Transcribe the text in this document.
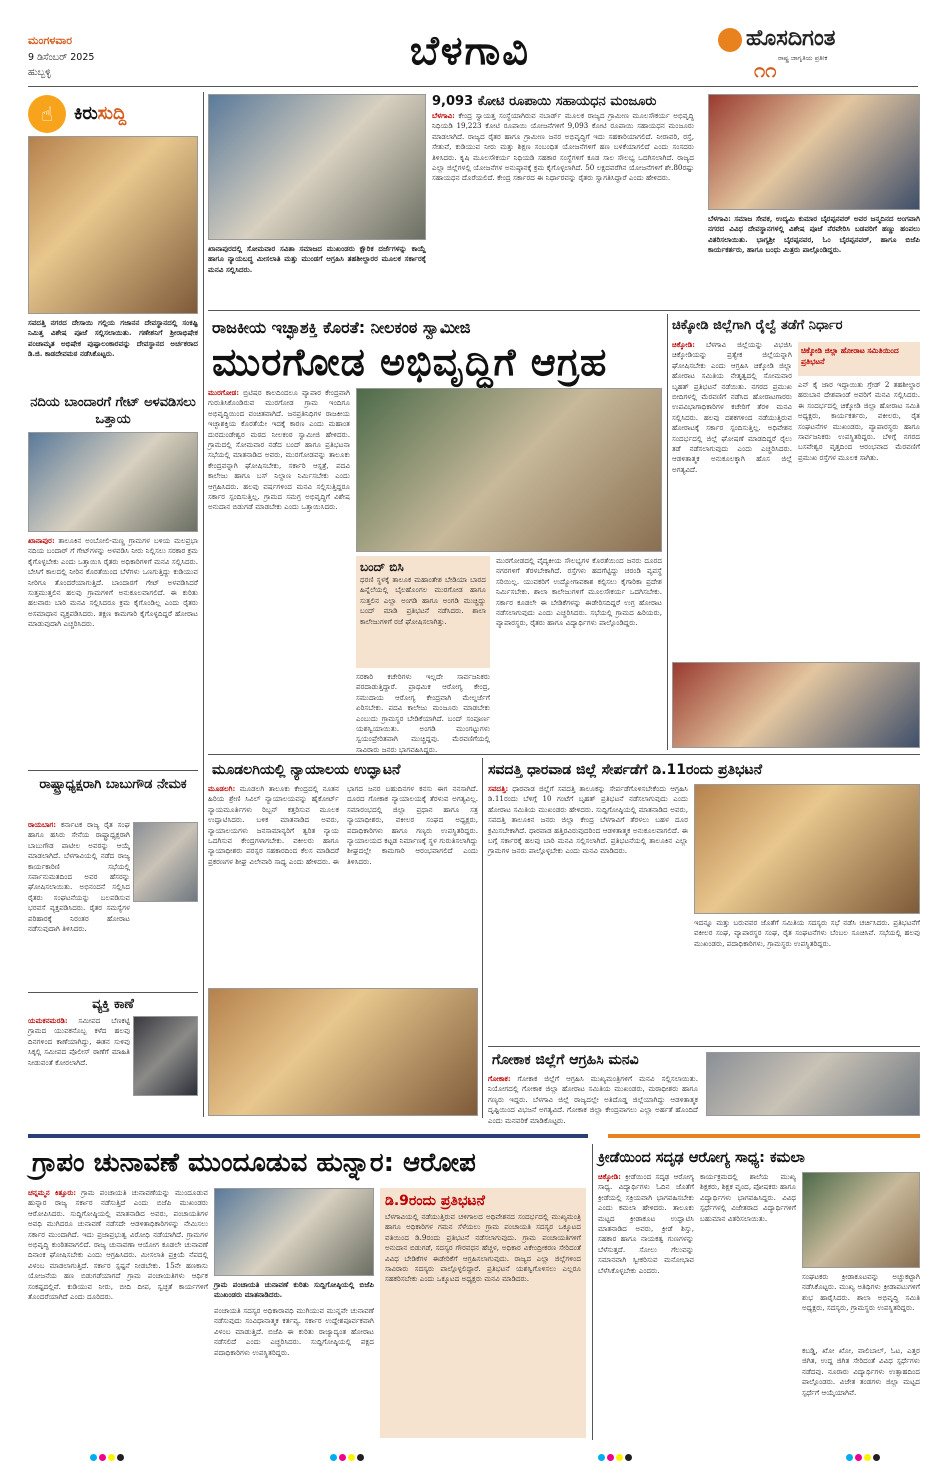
ಮಂಗಳವಾರ
9 ಡಿಸೆಂಬರ್ 2025
ಹುಬ್ಬಳ್ಳಿ	ಬೆಳಗಾವಿ	ಹೊಸದಿಗಂತ
ರಾಷ್ಟ್ರ ಜಾಗೃತಿಯ ಪ್ರತೀಕ
೧೧
☝	ಕಿರುಸುದ್ದಿ
ಸವದತ್ತಿ ನಗರದ ದೇಸಾಯಿ ಗಲ್ಲಿಯ ಗಜಾನನ ದೇವಸ್ಥಾನದಲ್ಲಿ ಸಂಕಷ್ಟಿ ನಿಮಿತ್ತ ವಿಶೇಷ ಪೂಜೆ ಸಲ್ಲಿಸಲಾಯಿತು. ಗಣೇಶನಿಗೆ ಶ್ರೀರಾಭಿಷೇಕ ಪಂಚಾಮೃತ ಅಭಿಷೇಕ ಪುಷ್ಪಾಲಂಕಾರವನ್ನು ದೇವಸ್ಥಾನದ ಅರ್ಚಕರಾದ ಡಿ.ಜಿ. ಕಾಡದೇವಮಠ ನಡೆಸಿಕೊಟ್ಟರು.
ನದಿಯ ಬಾಂದಾರಗೆ ಗೇಟ್ ಅಳವಡಿಸಲು ಒತ್ತಾಯ
ಖಾನಾಪುರ: ತಾಲೂಕಿನ ಅಂಬೋಲಿ-ಮಣ್ಣ ಗ್ರಾಮಗಳ ಬಳಿಯ ಮಲಪ್ರಭಾ ನದಿಯ ಬಂದಾರ್ ಗೆ ಗೇಟ್‌ಗಳನ್ನು ಅಳವಡಿಸಿ ನೀರು ನಿಲ್ಲಿಸಲು ಸರಕಾರ ಕ್ರಮ ಕೈಗೊಳ್ಳಬೇಕು ಎಂದು ಒತ್ತಾಯಿಸಿ ರೈತರು ಅಧಿಕಾರಿಗಳಿಗೆ ಮನವಿ ಸಲ್ಲಿಸಿದರು. ಬೇಸಿಗೆ ಕಾಲದಲ್ಲಿ ನೀರಿನ ಕೊರತೆಯಿಂದ ಬೆಳೆಗಳು ಒಣಗುತ್ತಿದ್ದು ಕುಡಿಯುವ ನೀರಿಗೂ ತೊಂದರೆಯಾಗುತ್ತಿದೆ. ಬಾಂದಾರಗೆ ಗೇಟ್ ಅಳವಡಿಸಿದರೆ ಸುತ್ತಮುತ್ತಲಿನ ಹಲವು ಗ್ರಾಮಗಳಿಗೆ ಅನುಕೂಲವಾಗಲಿದೆ. ಈ ಕುರಿತು ಹಲವಾರು ಬಾರಿ ಮನವಿ ಸಲ್ಲಿಸಿದರೂ ಕ್ರಮ ಕೈಗೊಂಡಿಲ್ಲ ಎಂದು ರೈತರು ಅಸಮಾಧಾನ ವ್ಯಕ್ತಪಡಿಸಿದರು. ತಕ್ಷಣ ಕಾಮಗಾರಿ ಕೈಗೊಳ್ಳದಿದ್ದರೆ ಹೋರಾಟ ಮಾಡುವುದಾಗಿ ಎಚ್ಚರಿಸಿದರು.
ರಾಷ್ಟ್ರಾಧ್ಯಕ್ಷರಾಗಿ ಬಾಬುಗೌಡ ನೇಮಕ
ರಾಯಬಾಗ: ಕರ್ನಾಟಕ ರಾಜ್ಯ ರೈತ ಸಂಘ ಹಾಗೂ ಹಸಿರು ಸೇನೆಯ ರಾಷ್ಟ್ರಾಧ್ಯಕ್ಷರಾಗಿ ಬಾಬುಗೌಡ ಪಾಟೀಲ ಅವರನ್ನು ಆಯ್ಕೆ ಮಾಡಲಾಗಿದೆ. ಬೆಳಗಾವಿಯಲ್ಲಿ ನಡೆದ ರಾಜ್ಯ ಕಾರ್ಯಕಾರಿಣಿ ಸಭೆಯಲ್ಲಿ ಸರ್ವಾನುಮತದಿಂದ ಅವರ ಹೆಸರನ್ನು ಘೋಷಿಸಲಾಯಿತು. ಅಭಿನಂದನೆ ಸಲ್ಲಿಸಿದ ರೈತರು ಸಂಘಟನೆಯನ್ನು ಬಲಪಡಿಸುವ ಭರವಸೆ ವ್ಯಕ್ತಪಡಿಸಿದರು. ರೈತರ ಸಮಸ್ಯೆಗಳ ಪರಿಹಾರಕ್ಕೆ ನಿರಂತರ ಹೋರಾಟ ನಡೆಸುವುದಾಗಿ ತಿಳಿಸಿದರು.
ವ್ಯಕ್ತಿ ಕಾಣೆ
ಯಮಕನಮರಡಿ: ಸಮೀಪದ ಬೆಣಕಟ್ಟಿ ಗ್ರಾಮದ ಯುವಕನೊಬ್ಬ ಕಳೆದ ಹಲವು ದಿನಗಳಿಂದ ಕಾಣೆಯಾಗಿದ್ದು, ಈತನ ಸುಳಿವು ಸಿಕ್ಕಲ್ಲಿ ಸಮೀಪದ ಪೊಲೀಸ್ ಠಾಣೆಗೆ ಮಾಹಿತಿ ನೀಡುವಂತೆ ಕೋರಲಾಗಿದೆ.
ಖಾನಾಪುರದಲ್ಲಿ ಸೋಮವಾರ ಸವಿತಾ ಸಮಾಜದ ಮುಖಂಡರು ಕ್ಷೌರಿಕ ದರ್ಜೆಗಳನ್ನು ಕಾಯ್ದೆ ಹಾಗೂ ನ್ಯಾಯಬದ್ಧ ಮೀಸಲಾತಿ ಮತ್ತು ಮುಂಡಗೆ ಆಗ್ರಹಿಸಿ ತಹಶೀಲ್ದಾರರ ಮೂಲಕ ಸರ್ಕಾರಕ್ಕೆ ಮನವಿ ಸಲ್ಲಿಸಿದರು.
9,093 ಕೋಟಿ ರೂಪಾಯಿ ಸಹಾಯಧನ ಮಂಜೂರು
ಬೆಳಗಾವಿ: ಕೇಂದ್ರ ಸ್ವಾಯತ್ತ ಸಂಸ್ಥೆಯಾಗಿರುವ ನಬಾರ್ಡ್ ಮೂಲಕ ರಾಜ್ಯದ ಗ್ರಾಮೀಣ ಮೂಲಸೌಕರ್ಯ ಅಭಿವೃದ್ಧಿ ನಿಧಿಯಡಿ 19,223 ಕೋಟಿ ರೂಪಾಯಿ ಯೋಜನೆಗಳಿಗೆ 9,093 ಕೋಟಿ ರೂಪಾಯಿ ಸಹಾಯಧನ ಮಂಜೂರು ಮಾಡಲಾಗಿದೆ. ರಾಜ್ಯದ ರೈತರ ಹಾಗೂ ಗ್ರಾಮೀಣ ಜನರ ಅಭಿವೃದ್ಧಿಗೆ ಇದು ಸಹಕಾರಿಯಾಗಲಿದೆ. ನೀರಾವರಿ, ರಸ್ತೆ, ಸೇತುವೆ, ಕುಡಿಯುವ ನೀರು ಮತ್ತು ಶಿಕ್ಷಣ ಸಂಬಂಧಿತ ಯೋಜನೆಗಳಿಗೆ ಹಣ ಬಳಕೆಯಾಗಲಿದೆ ಎಂದು ಸಂಸದರು ತಿಳಿಸಿದರು. ಕೃಷಿ ಮೂಲಸೌಕರ್ಯ ನಿಧಿಯಡಿ ಸಹಕಾರ ಸಂಸ್ಥೆಗಳಿಗೆ ಕೂಡ ಸಾಲ ಸೌಲಭ್ಯ ಒದಗಿಸಲಾಗಿದೆ. ರಾಜ್ಯದ ಎಲ್ಲಾ ಜಿಲ್ಲೆಗಳಲ್ಲಿ ಯೋಜನೆಗಳ ಅನುಷ್ಠಾನಕ್ಕೆ ಕ್ರಮ ಕೈಗೊಳ್ಳಲಾಗಿದೆ. 50 ಲಕ್ಷದವರೆಗಿನ ಯೋಜನೆಗಳಿಗೆ ಶೇ.80ರಷ್ಟು ಸಹಾಯಧನ ದೊರೆಯಲಿದೆ. ಕೇಂದ್ರ ಸರ್ಕಾರದ ಈ ನಿರ್ಧಾರವನ್ನು ರೈತರು ಸ್ವಾಗತಿಸಿದ್ದಾರೆ ಎಂದು ಹೇಳಿದರು.
ಬೆಳಗಾವಿ: ಸಮಾಜ ಸೇವಕ, ಉದ್ಯಮಿ ಕುಮಾರ ಬೈರಪ್ಪನವರ್ ಅವರ ಜನ್ಮದಿನದ ಅಂಗವಾಗಿ ನಗರದ ವಿವಿಧ ದೇವಸ್ಥಾನಗಳಲ್ಲಿ ವಿಶೇಷ ಪೂಜೆ ನೆರವೇರಿಸಿ ಬಡವರಿಗೆ ಹಣ್ಣು ಹಂಪಲು ವಿತರಿಸಲಾಯಿತು. ಭಾಗ್ಯಶ್ರೀ ಬೈರಪ್ಪನವರ, ಓಂ ಬೈರಪ್ಪನವರ್, ಹಾಗೂ ಬಿಜೆಪಿ ಕಾರ್ಯಕರ್ತರು, ಹಾಗೂ ಬಂಧು ಮಿತ್ರರು ಪಾಲ್ಗೊಂಡಿದ್ದರು.
ರಾಜಕೀಯ ಇಚ್ಛಾಶಕ್ತಿ ಕೊರತೆ: ನೀಲಕಂಠ ಸ್ವಾಮೀಜಿ
ಮುರಗೋಡ ಅಭಿವೃದ್ಧಿಗೆ ಆಗ್ರಹ
ಮುರಗೋಡ: ಬ್ರಿಟಿಷರ ಕಾಲದಿಂದಲೂ ವ್ಯಾಪಾರ ಕೇಂದ್ರವಾಗಿ ಗುರುತಿಸಿಕೊಂಡಿರುವ ಮುರಗೋಡ ಗ್ರಾಮ ಇಂದಿಗೂ ಅಭಿವೃದ್ಧಿಯಿಂದ ವಂಚಿತವಾಗಿದೆ. ಜನಪ್ರತಿನಿಧಿಗಳ ರಾಜಕೀಯ ಇಚ್ಛಾಶಕ್ತಿಯ ಕೊರತೆಯೇ ಇದಕ್ಕೆ ಕಾರಣ ಎಂದು ಮಹಾಂತ ದುರದುಂಡೇಶ್ವರ ಮಠದ ನೀಲಕಂಠ ಸ್ವಾಮೀಜಿ ಹೇಳಿದರು. ಗ್ರಾಮದಲ್ಲಿ ಸೋಮವಾರ ನಡೆದ ಬಂದ್ ಹಾಗೂ ಪ್ರತಿಭಟನಾ ಸಭೆಯಲ್ಲಿ ಮಾತನಾಡಿದ ಅವರು, ಮುರಗೋಡವನ್ನು ತಾಲೂಕು ಕೇಂದ್ರವನ್ನಾಗಿ ಘೋಷಿಸಬೇಕು, ಸರ್ಕಾರಿ ಆಸ್ಪತ್ರೆ, ಪದವಿ ಕಾಲೇಜು ಹಾಗೂ ಬಸ್ ನಿಲ್ದಾಣ ನಿರ್ಮಿಸಬೇಕು ಎಂದು ಆಗ್ರಹಿಸಿದರು. ಹಲವು ವರ್ಷಗಳಿಂದ ಮನವಿ ಸಲ್ಲಿಸುತ್ತಿದ್ದರೂ ಸರ್ಕಾರ ಸ್ಪಂದಿಸುತ್ತಿಲ್ಲ. ಗ್ರಾಮದ ಸಮಗ್ರ ಅಭಿವೃದ್ಧಿಗೆ ವಿಶೇಷ ಅನುದಾನ ಬಿಡುಗಡೆ ಮಾಡಬೇಕು ಎಂದು ಒತ್ತಾಯಿಸಿದರು.
ಬಂದ್ ಬಿಸಿ
ಧರಣಿ ಸ್ಥಳಕ್ಕೆ ತಾಲೂಕ ಮಹಾಂತೇಶ ಬೇಡಿಯಾ ಬಾರದ ಹಿನ್ನೆಲೆಯಲ್ಲಿ ಬೈಲಹೊಂಗಲ ಮುರಗೋಡ ಹಾಗೂ ಸುತ್ತಲಿನ ಎಲ್ಲಾ ಅಂಗಡಿ ಹಾಗೂ ಅಂಗಡಿ ಮುಚ್ಚಿದ್ದು ಬಂದ್ ಮಾಡಿ ಪ್ರತಿಭಟನೆ ನಡೆಸಿದರು. ಶಾಲಾ ಕಾಲೇಜುಗಳಿಗೆ ರಜೆ ಘೋಷಿಸಲಾಗಿತ್ತು.
ಮುರಗೋಡದಲ್ಲಿ ವೈದ್ಯಕೀಯ ಸೌಲಭ್ಯಗಳ ಕೊರತೆಯಿಂದ ಜನರು ದೂರದ ನಗರಗಳಿಗೆ ತೆರಳಬೇಕಾಗಿದೆ. ರಸ್ತೆಗಳು ಹದಗೆಟ್ಟಿದ್ದು ಚರಂಡಿ ವ್ಯವಸ್ಥೆ ಸರಿಯಿಲ್ಲ. ಯುವಕರಿಗೆ ಉದ್ಯೋಗಾವಕಾಶ ಕಲ್ಪಿಸಲು ಕೈಗಾರಿಕಾ ಪ್ರದೇಶ ನಿರ್ಮಿಸಬೇಕು. ಶಾಲಾ ಕಾಲೇಜುಗಳಿಗೆ ಮೂಲಸೌಕರ್ಯ ಒದಗಿಸಬೇಕು. ಸರ್ಕಾರ ಕೂಡಲೇ ಈ ಬೇಡಿಕೆಗಳನ್ನು ಈಡೇರಿಸದಿದ್ದರೆ ಉಗ್ರ ಹೋರಾಟ ನಡೆಸಲಾಗುವುದು ಎಂದು ಎಚ್ಚರಿಸಿದರು. ಸಭೆಯಲ್ಲಿ ಗ್ರಾಮದ ಹಿರಿಯರು, ವ್ಯಾಪಾರಸ್ಥರು, ರೈತರು ಹಾಗೂ ವಿದ್ಯಾರ್ಥಿಗಳು ಪಾಲ್ಗೊಂಡಿದ್ದರು.
ಸರಕಾರಿ ಕಚೇರಿಗಳು ಇಲ್ಲದೇ ಸಾರ್ವಜನಿಕರು ಪರದಾಡುತ್ತಿದ್ದಾರೆ. ಪ್ರಾಥಮಿಕ ಆರೋಗ್ಯ ಕೇಂದ್ರ, ಸಮುದಾಯ ಆರೋಗ್ಯ ಕೇಂದ್ರವಾಗಿ ಮೇಲ್ದರ್ಜೆಗೆ ಏರಿಸಬೇಕು. ಪದವಿ ಕಾಲೇಜು ಮಂಜೂರು ಮಾಡಬೇಕು ಎಂಬುದು ಗ್ರಾಮಸ್ಥರ ಬೇಡಿಕೆಯಾಗಿದೆ. ಬಂದ್ ಸಂಪೂರ್ಣ ಯಶಸ್ವಿಯಾಯಿತು. ಅಂಗಡಿ ಮುಂಗಟ್ಟುಗಳು ಸ್ವಯಂಪ್ರೇರಿತವಾಗಿ ಮುಚ್ಚಿದ್ದವು. ಮೆರವಣಿಗೆಯಲ್ಲಿ ಸಾವಿರಾರು ಜನರು ಭಾಗವಹಿಸಿದ್ದರು.
ಚಿಕ್ಕೋಡಿ ಜಿಲ್ಲೆಗಾಗಿ ರೈಲ್ವೆ ತಡೆಗೆ ನಿರ್ಧಾರ
ಚಿಕ್ಕೋಡಿ: ಬೆಳಗಾವಿ ಜಿಲ್ಲೆಯನ್ನು ವಿಭಜಿಸಿ ಚಿಕ್ಕೋಡಿಯನ್ನು ಪ್ರತ್ಯೇಕ ಜಿಲ್ಲೆಯನ್ನಾಗಿ ಘೋಷಿಸಬೇಕು ಎಂದು ಆಗ್ರಹಿಸಿ ಚಿಕ್ಕೋಡಿ ಜಿಲ್ಲಾ ಹೋರಾಟ ಸಮಿತಿಯ ನೇತೃತ್ವದಲ್ಲಿ ಸೋಮವಾರ ಬೃಹತ್ ಪ್ರತಿಭಟನೆ ನಡೆಯಿತು. ನಗರದ ಪ್ರಮುಖ ಬೀದಿಗಳಲ್ಲಿ ಮೆರವಣಿಗೆ ನಡೆಸಿದ ಹೋರಾಟಗಾರರು ಉಪವಿಭಾಗಾಧಿಕಾರಿಗಳ ಕಚೇರಿಗೆ ತೆರಳಿ ಮನವಿ ಸಲ್ಲಿಸಿದರು. ಹಲವು ದಶಕಗಳಿಂದ ನಡೆಯುತ್ತಿರುವ ಹೋರಾಟಕ್ಕೆ ಸರ್ಕಾರ ಸ್ಪಂದಿಸುತ್ತಿಲ್ಲ. ಅಧಿವೇಶನ ಸಂದರ್ಭದಲ್ಲಿ ಜಿಲ್ಲೆ ಘೋಷಣೆ ಮಾಡದಿದ್ದರೆ ರೈಲು ತಡೆ ನಡೆಸಲಾಗುವುದು ಎಂದು ಎಚ್ಚರಿಸಿದರು. ಆಡಳಿತಾತ್ಮಕ ಅನುಕೂಲಕ್ಕಾಗಿ ಹೊಸ ಜಿಲ್ಲೆ ಅಗತ್ಯವಿದೆ.
ಚಿಕ್ಕೋಡಿ ಜಿಲ್ಲಾ ಹೋರಾಟ ಸಮಿತಿಯಿಂದ ಪ್ರತಿಭಟನೆ
ಎನ್ ಕೈ ಜಾರ ಇದ್ದಾಯಿತು ಗ್ರೇಡ್ 2 ತಹಶೀಲ್ದಾರ ಹರುಬಾನ ದೇಶಪಾಂಡೆ ಅವರಿಗೆ ಮನವಿ ಸಲ್ಲಿಸಿದರು. ಈ ಸಂದರ್ಭದಲ್ಲಿ ಚಿಕ್ಕೋಡಿ ಜಿಲ್ಲಾ ಹೋರಾಟ ಸಮಿತಿ ಅಧ್ಯಕ್ಷರು, ಕಾರ್ಯಕರ್ತರು, ವಕೀಲರು, ರೈತ ಸಂಘಟನೆಗಳ ಮುಖಂಡರು, ವ್ಯಾಪಾರಸ್ಥರು ಹಾಗೂ ಸಾರ್ವಜನಿಕರು ಉಪಸ್ಥಿತರಿದ್ದರು. ಬೆಳಿಗ್ಗೆ ನಗರದ ಬಸವೇಶ್ವರ ವೃತ್ತದಿಂದ ಆರಂಭವಾದ ಮೆರವಣಿಗೆ ಪ್ರಮುಖ ರಸ್ತೆಗಳ ಮೂಲಕ ಸಾಗಿತು.
ಮೂಡಲಗಿಯಲ್ಲಿ ನ್ಯಾಯಾಲಯ ಉದ್ಘಾಟನೆ
ಮೂಡಲಗಿ: ಮೂಡಲಗಿ ತಾಲೂಕು ಕೇಂದ್ರದಲ್ಲಿ ನೂತನ ಹಿರಿಯ ಶ್ರೇಣಿ ಸಿವಿಲ್ ನ್ಯಾಯಾಲಯವನ್ನು ಹೈಕೋರ್ಟ್ ನ್ಯಾಯಮೂರ್ತಿಗಳು ರಿಬ್ಬನ್ ಕತ್ತರಿಸುವ ಮೂಲಕ ಉದ್ಘಾಟಿಸಿದರು. ಬಳಿಕ ಮಾತನಾಡಿದ ಅವರು, ನ್ಯಾಯಾಲಯಗಳು ಜನಸಾಮಾನ್ಯರಿಗೆ ತ್ವರಿತ ನ್ಯಾಯ ಒದಗಿಸುವ ಕೇಂದ್ರಗಳಾಗಬೇಕು. ವಕೀಲರು ಹಾಗೂ ನ್ಯಾಯಾಧೀಶರು ಪರಸ್ಪರ ಸಹಕಾರದಿಂದ ಕೆಲಸ ಮಾಡಿದರೆ ಪ್ರಕರಣಗಳ ಶೀಘ್ರ ವಿಲೇವಾರಿ ಸಾಧ್ಯ ಎಂದು ಹೇಳಿದರು. ಈ ಭಾಗದ ಜನರ ಬಹುದಿನಗಳ ಕನಸು ಈಗ ನನಸಾಗಿದೆ. ದೂರದ ಗೋಕಾಕ ನ್ಯಾಯಾಲಯಕ್ಕೆ ತೆರಳುವ ಅಗತ್ಯವಿಲ್ಲ. ಸಮಾರಂಭದಲ್ಲಿ ಜಿಲ್ಲಾ ಪ್ರಧಾನ ಹಾಗೂ ಸತ್ರ ನ್ಯಾಯಾಧೀಶರು, ವಕೀಲರ ಸಂಘದ ಅಧ್ಯಕ್ಷರು, ಪದಾಧಿಕಾರಿಗಳು ಹಾಗೂ ಗಣ್ಯರು ಉಪಸ್ಥಿತರಿದ್ದರು. ನ್ಯಾಯಾಲಯದ ಕಟ್ಟಡ ನಿರ್ಮಾಣಕ್ಕೆ ಸ್ಥಳ ಗುರುತಿಸಲಾಗಿದ್ದು ಶೀಘ್ರದಲ್ಲೇ ಕಾಮಗಾರಿ ಆರಂಭವಾಗಲಿದೆ ಎಂದು ತಿಳಿಸಿದರು.
ಸವದತ್ತಿ ಧಾರವಾಡ ಜಿಲ್ಲೆ ಸೇರ್ಪಡೆಗೆ ಡಿ.11ರಂದು ಪ್ರತಿಭಟನೆ
ಸವದತ್ತಿ: ಧಾರವಾಡ ಜಿಲ್ಲೆಗೆ ಸವದತ್ತಿ ತಾಲೂಕನ್ನು ಸೇರ್ಪಡೆಗೊಳಿಸಬೇಕೆಂದು ಆಗ್ರಹಿಸಿ ಡಿ.11ರಂದು ಬೆಳಿಗ್ಗೆ 10 ಗಂಟೆಗೆ ಬೃಹತ್ ಪ್ರತಿಭಟನೆ ನಡೆಸಲಾಗುವುದು ಎಂದು ಹೋರಾಟ ಸಮಿತಿಯ ಮುಖಂಡರು ಹೇಳಿದರು. ಸುದ್ದಿಗೋಷ್ಠಿಯಲ್ಲಿ ಮಾತನಾಡಿದ ಅವರು, ಸವದತ್ತಿ ತಾಲೂಕಿನ ಜನರು ಜಿಲ್ಲಾ ಕೇಂದ್ರ ಬೆಳಗಾವಿಗೆ ತೆರಳಲು ಬಹಳ ದೂರ ಕ್ರಮಿಸಬೇಕಾಗಿದೆ. ಧಾರವಾಡ ಹತ್ತಿರವಿರುವುದರಿಂದ ಆಡಳಿತಾತ್ಮಕ ಅನುಕೂಲವಾಗಲಿದೆ. ಈ ಬಗ್ಗೆ ಸರ್ಕಾರಕ್ಕೆ ಹಲವು ಬಾರಿ ಮನವಿ ಸಲ್ಲಿಸಲಾಗಿದೆ. ಪ್ರತಿಭಟನೆಯಲ್ಲಿ ತಾಲೂಕಿನ ಎಲ್ಲಾ ಗ್ರಾಮಗಳ ಜನರು ಪಾಲ್ಗೊಳ್ಳಬೇಕು ಎಂದು ಮನವಿ ಮಾಡಿದರು.
ಇದನ್ನೂ ಮತ್ತು ಬರುವವರ ಜೊತೆಗೆ ಸಮಿತಿಯ ಸದಸ್ಯರು ಸಭೆ ನಡೆಸಿ ಚರ್ಚಿಸಿದರು. ಪ್ರತಿಭಟನೆಗೆ ವಕೀಲರ ಸಂಘ, ವ್ಯಾಪಾರಸ್ಥರ ಸಂಘ, ರೈತ ಸಂಘಟನೆಗಳು ಬೆಂಬಲ ಸೂಚಿಸಿವೆ. ಸಭೆಯಲ್ಲಿ ಹಲವು ಮುಖಂಡರು, ಪದಾಧಿಕಾರಿಗಳು, ಗ್ರಾಮಸ್ಥರು ಉಪಸ್ಥಿತರಿದ್ದರು.
ಗೋಕಾಕ ಜಿಲ್ಲೆಗೆ ಆಗ್ರಹಿಸಿ ಮನವಿ
ಗೋಕಾಕ: ಗೋಕಾಕ ಜಿಲ್ಲೆಗೆ ಆಗ್ರಹಿಸಿ ಮುಖ್ಯಮಂತ್ರಿಗಳಿಗೆ ಮನವಿ ಸಲ್ಲಿಸಲಾಯಿತು. ನಿಯೋಗದಲ್ಲಿ ಗೋಕಾಕ ಜಿಲ್ಲಾ ಹೋರಾಟ ಸಮಿತಿಯ ಮುಖಂಡರು, ಮಠಾಧೀಶರು ಹಾಗೂ ಗಣ್ಯರು ಇದ್ದರು. ಬೆಳಗಾವಿ ಜಿಲ್ಲೆ ರಾಜ್ಯದಲ್ಲೇ ಅತಿದೊಡ್ಡ ಜಿಲ್ಲೆಯಾಗಿದ್ದು ಆಡಳಿತಾತ್ಮಕ ದೃಷ್ಟಿಯಿಂದ ವಿಭಜನೆ ಅಗತ್ಯವಿದೆ. ಗೋಕಾಕ ಜಿಲ್ಲಾ ಕೇಂದ್ರವಾಗಲು ಎಲ್ಲಾ ಅರ್ಹತೆ ಹೊಂದಿದೆ ಎಂದು ಮನವರಿಕೆ ಮಾಡಿಕೊಟ್ಟರು.
ಗ್ರಾಪಂ ಚುನಾವಣೆ ಮುಂದೂಡುವ ಹುನ್ನಾರ: ಆರೋಪ
ಚನ್ನಮ್ಮನ ಕಿತ್ತೂರು: ಗ್ರಾಮ ಪಂಚಾಯತಿ ಚುನಾವಣೆಯನ್ನು ಮುಂದೂಡುವ ಹುನ್ನಾರ ರಾಜ್ಯ ಸರ್ಕಾರ ನಡೆಸುತ್ತಿದೆ ಎಂದು ಬಿಜೆಪಿ ಮುಖಂಡರು ಆರೋಪಿಸಿದರು. ಸುದ್ದಿಗೋಷ್ಠಿಯಲ್ಲಿ ಮಾತನಾಡಿದ ಅವರು, ಪಂಚಾಯತಿಗಳ ಅವಧಿ ಮುಗಿದರೂ ಚುನಾವಣೆ ನಡೆಸದೇ ಆಡಳಿತಾಧಿಕಾರಿಗಳನ್ನು ನೇಮಿಸಲು ಸರ್ಕಾರ ಮುಂದಾಗಿದೆ. ಇದು ಪ್ರಜಾಪ್ರಭುತ್ವ ವಿರೋಧಿ ನಡೆಯಾಗಿದೆ. ಗ್ರಾಮಗಳ ಅಭಿವೃದ್ಧಿ ಕುಂಠಿತವಾಗಲಿದೆ. ರಾಜ್ಯ ಚುನಾವಣಾ ಆಯೋಗ ಕೂಡಲೇ ಚುನಾವಣೆ ದಿನಾಂಕ ಘೋಷಿಸಬೇಕು ಎಂದು ಆಗ್ರಹಿಸಿದರು. ಮೀಸಲಾತಿ ಪ್ರಕ್ರಿಯೆ ನೆಪದಲ್ಲಿ ವಿಳಂಬ ಮಾಡಲಾಗುತ್ತಿದೆ. ಸರ್ಕಾರ ಸ್ಪಷ್ಟನೆ ನೀಡಬೇಕು. 15ನೇ ಹಣಕಾಸು ಯೋಜನೆಯ ಹಣ ಬಿಡುಗಡೆಯಾಗದೆ ಗ್ರಾಮ ಪಂಚಾಯತಿಗಳು ಆರ್ಥಿಕ ಸಂಕಷ್ಟದಲ್ಲಿವೆ. ಕುಡಿಯುವ ನೀರು, ಬೀದಿ ದೀಪ, ಸ್ವಚ್ಛತೆ ಕಾರ್ಯಗಳಿಗೆ ತೊಂದರೆಯಾಗಿದೆ ಎಂದು ದೂರಿದರು.
ಗ್ರಾಮ ಪಂಚಾಯತಿ ಚುನಾವಣೆ ಕುರಿತು ಸುದ್ದಿಗೋಷ್ಠಿಯಲ್ಲಿ ಬಿಜೆಪಿ ಮುಖಂಡರು ಮಾತನಾಡಿದರು.
ಪಂಚಾಯತಿ ಸದಸ್ಯರ ಅಧಿಕಾರಾವಧಿ ಮುಗಿಯುವ ಮುನ್ನವೇ ಚುನಾವಣೆ ನಡೆಸುವುದು ಸಂವಿಧಾನಾತ್ಮಕ ಕರ್ತವ್ಯ. ಸರ್ಕಾರ ಉದ್ದೇಶಪೂರ್ವಕವಾಗಿ ವಿಳಂಬ ಮಾಡುತ್ತಿದೆ. ಬಿಜೆಪಿ ಈ ಕುರಿತು ರಾಜ್ಯಾದ್ಯಂತ ಹೋರಾಟ ನಡೆಸಲಿದೆ ಎಂದು ಎಚ್ಚರಿಸಿದರು. ಸುದ್ದಿಗೋಷ್ಠಿಯಲ್ಲಿ ಪಕ್ಷದ ಪದಾಧಿಕಾರಿಗಳು ಉಪಸ್ಥಿತರಿದ್ದರು.
ಡಿ.9ರಂದು ಪ್ರತಿಭಟನೆ
ಬೆಳಗಾವಿಯಲ್ಲಿ ನಡೆಯುತ್ತಿರುವ ಚಳಿಗಾಲದ ಅಧಿವೇಶನದ ಸಂದರ್ಭದಲ್ಲಿ ಮುಖ್ಯಮಂತ್ರಿ ಹಾಗೂ ಅಧಿಕಾರಿಗಳ ಗಮನ ಸೆಳೆಯಲು ಗ್ರಾಮ ಪಂಚಾಯತಿ ಸದಸ್ಯರ ಒಕ್ಕೂಟದ ವತಿಯಿಂದ ಡಿ.9ರಂದು ಪ್ರತಿಭಟನೆ ನಡೆಸಲಾಗುವುದು. ಗ್ರಾಮ ಪಂಚಾಯತಿಗಳಿಗೆ ಅನುದಾನ ಬಿಡುಗಡೆ, ಸದಸ್ಯರ ಗೌರವಧನ ಹೆಚ್ಚಳ, ಅಧಿಕಾರ ವಿಕೇಂದ್ರೀಕರಣ ಸೇರಿದಂತೆ ವಿವಿಧ ಬೇಡಿಕೆಗಳ ಈಡೇರಿಕೆಗೆ ಆಗ್ರಹಿಸಲಾಗುವುದು. ರಾಜ್ಯದ ಎಲ್ಲಾ ಜಿಲ್ಲೆಗಳಿಂದ ಸಾವಿರಾರು ಸದಸ್ಯರು ಪಾಲ್ಗೊಳ್ಳಲಿದ್ದಾರೆ. ಪ್ರತಿಭಟನೆ ಯಶಸ್ವಿಗೊಳಿಸಲು ಎಲ್ಲರೂ ಸಹಕರಿಸಬೇಕು ಎಂದು ಒಕ್ಕೂಟದ ಅಧ್ಯಕ್ಷರು ಮನವಿ ಮಾಡಿದರು.
ಕ್ರೀಡೆಯಿಂದ ಸದೃಢ ಆರೋಗ್ಯ ಸಾಧ್ಯ: ಕಮಲಾ
ಚಿಕ್ಕೋಡಿ: ಕ್ರೀಡೆಯಿಂದ ಸದೃಢ ಆರೋಗ್ಯ ಸಾಧ್ಯ. ವಿದ್ಯಾರ್ಥಿಗಳು ಓದಿನ ಜೊತೆಗೆ ಕ್ರೀಡೆಯಲ್ಲಿ ಸಕ್ರಿಯವಾಗಿ ಭಾಗವಹಿಸಬೇಕು ಎಂದು ಕಮಲಾ ಹೇಳಿದರು. ತಾಲೂಕು ಮಟ್ಟದ ಕ್ರೀಡಾಕೂಟ ಉದ್ಘಾಟಿಸಿ ಮಾತನಾಡಿದ ಅವರು, ಕ್ರೀಡೆ ಶಿಸ್ತು, ಸಹಕಾರ ಹಾಗೂ ನಾಯಕತ್ವ ಗುಣಗಳನ್ನು ಬೆಳೆಸುತ್ತದೆ. ಸೋಲು ಗೆಲುವನ್ನು ಸಮಾನವಾಗಿ ಸ್ವೀಕರಿಸುವ ಮನೋಭಾವ ಬೆಳೆಸಿಕೊಳ್ಳಬೇಕು ಎಂದರು.
ಕಾರ್ಯಕ್ರಮದಲ್ಲಿ ಶಾಲೆಯ ಮುಖ್ಯ ಶಿಕ್ಷಕರು, ಶಿಕ್ಷಕ ವೃಂದ, ಪೋಷಕರು ಹಾಗೂ ವಿದ್ಯಾರ್ಥಿಗಳು ಭಾಗವಹಿಸಿದ್ದರು. ವಿವಿಧ ಸ್ಪರ್ಧೆಗಳಲ್ಲಿ ವಿಜೇತರಾದ ವಿದ್ಯಾರ್ಥಿಗಳಿಗೆ ಬಹುಮಾನ ವಿತರಿಸಲಾಯಿತು.
ಸಂಘಟಕರು ಕ್ರೀಡಾಕೂಟವನ್ನು ಅಚ್ಚುಕಟ್ಟಾಗಿ ನಡೆಸಿಕೊಟ್ಟರು. ಮುಖ್ಯ ಅತಿಥಿಗಳು ಕ್ರೀಡಾಪಟುಗಳಿಗೆ ಶುಭ ಹಾರೈಸಿದರು. ಶಾಲಾ ಅಭಿವೃದ್ಧಿ ಸಮಿತಿ ಅಧ್ಯಕ್ಷರು, ಸದಸ್ಯರು, ಗ್ರಾಮಸ್ಥರು ಉಪಸ್ಥಿತರಿದ್ದರು.
ಕಬಡ್ಡಿ, ಖೋ ಖೋ, ವಾಲಿಬಾಲ್, ಓಟ, ಎತ್ತರ ಜಿಗಿತ, ಉದ್ದ ಜಿಗಿತ ಸೇರಿದಂತೆ ವಿವಿಧ ಸ್ಪರ್ಧೆಗಳು ನಡೆದವು. ನೂರಾರು ವಿದ್ಯಾರ್ಥಿಗಳು ಉತ್ಸಾಹದಿಂದ ಪಾಲ್ಗೊಂಡರು. ವಿಜೇತ ತಂಡಗಳು ಜಿಲ್ಲಾ ಮಟ್ಟದ ಸ್ಪರ್ಧೆಗೆ ಆಯ್ಕೆಯಾಗಿವೆ.
